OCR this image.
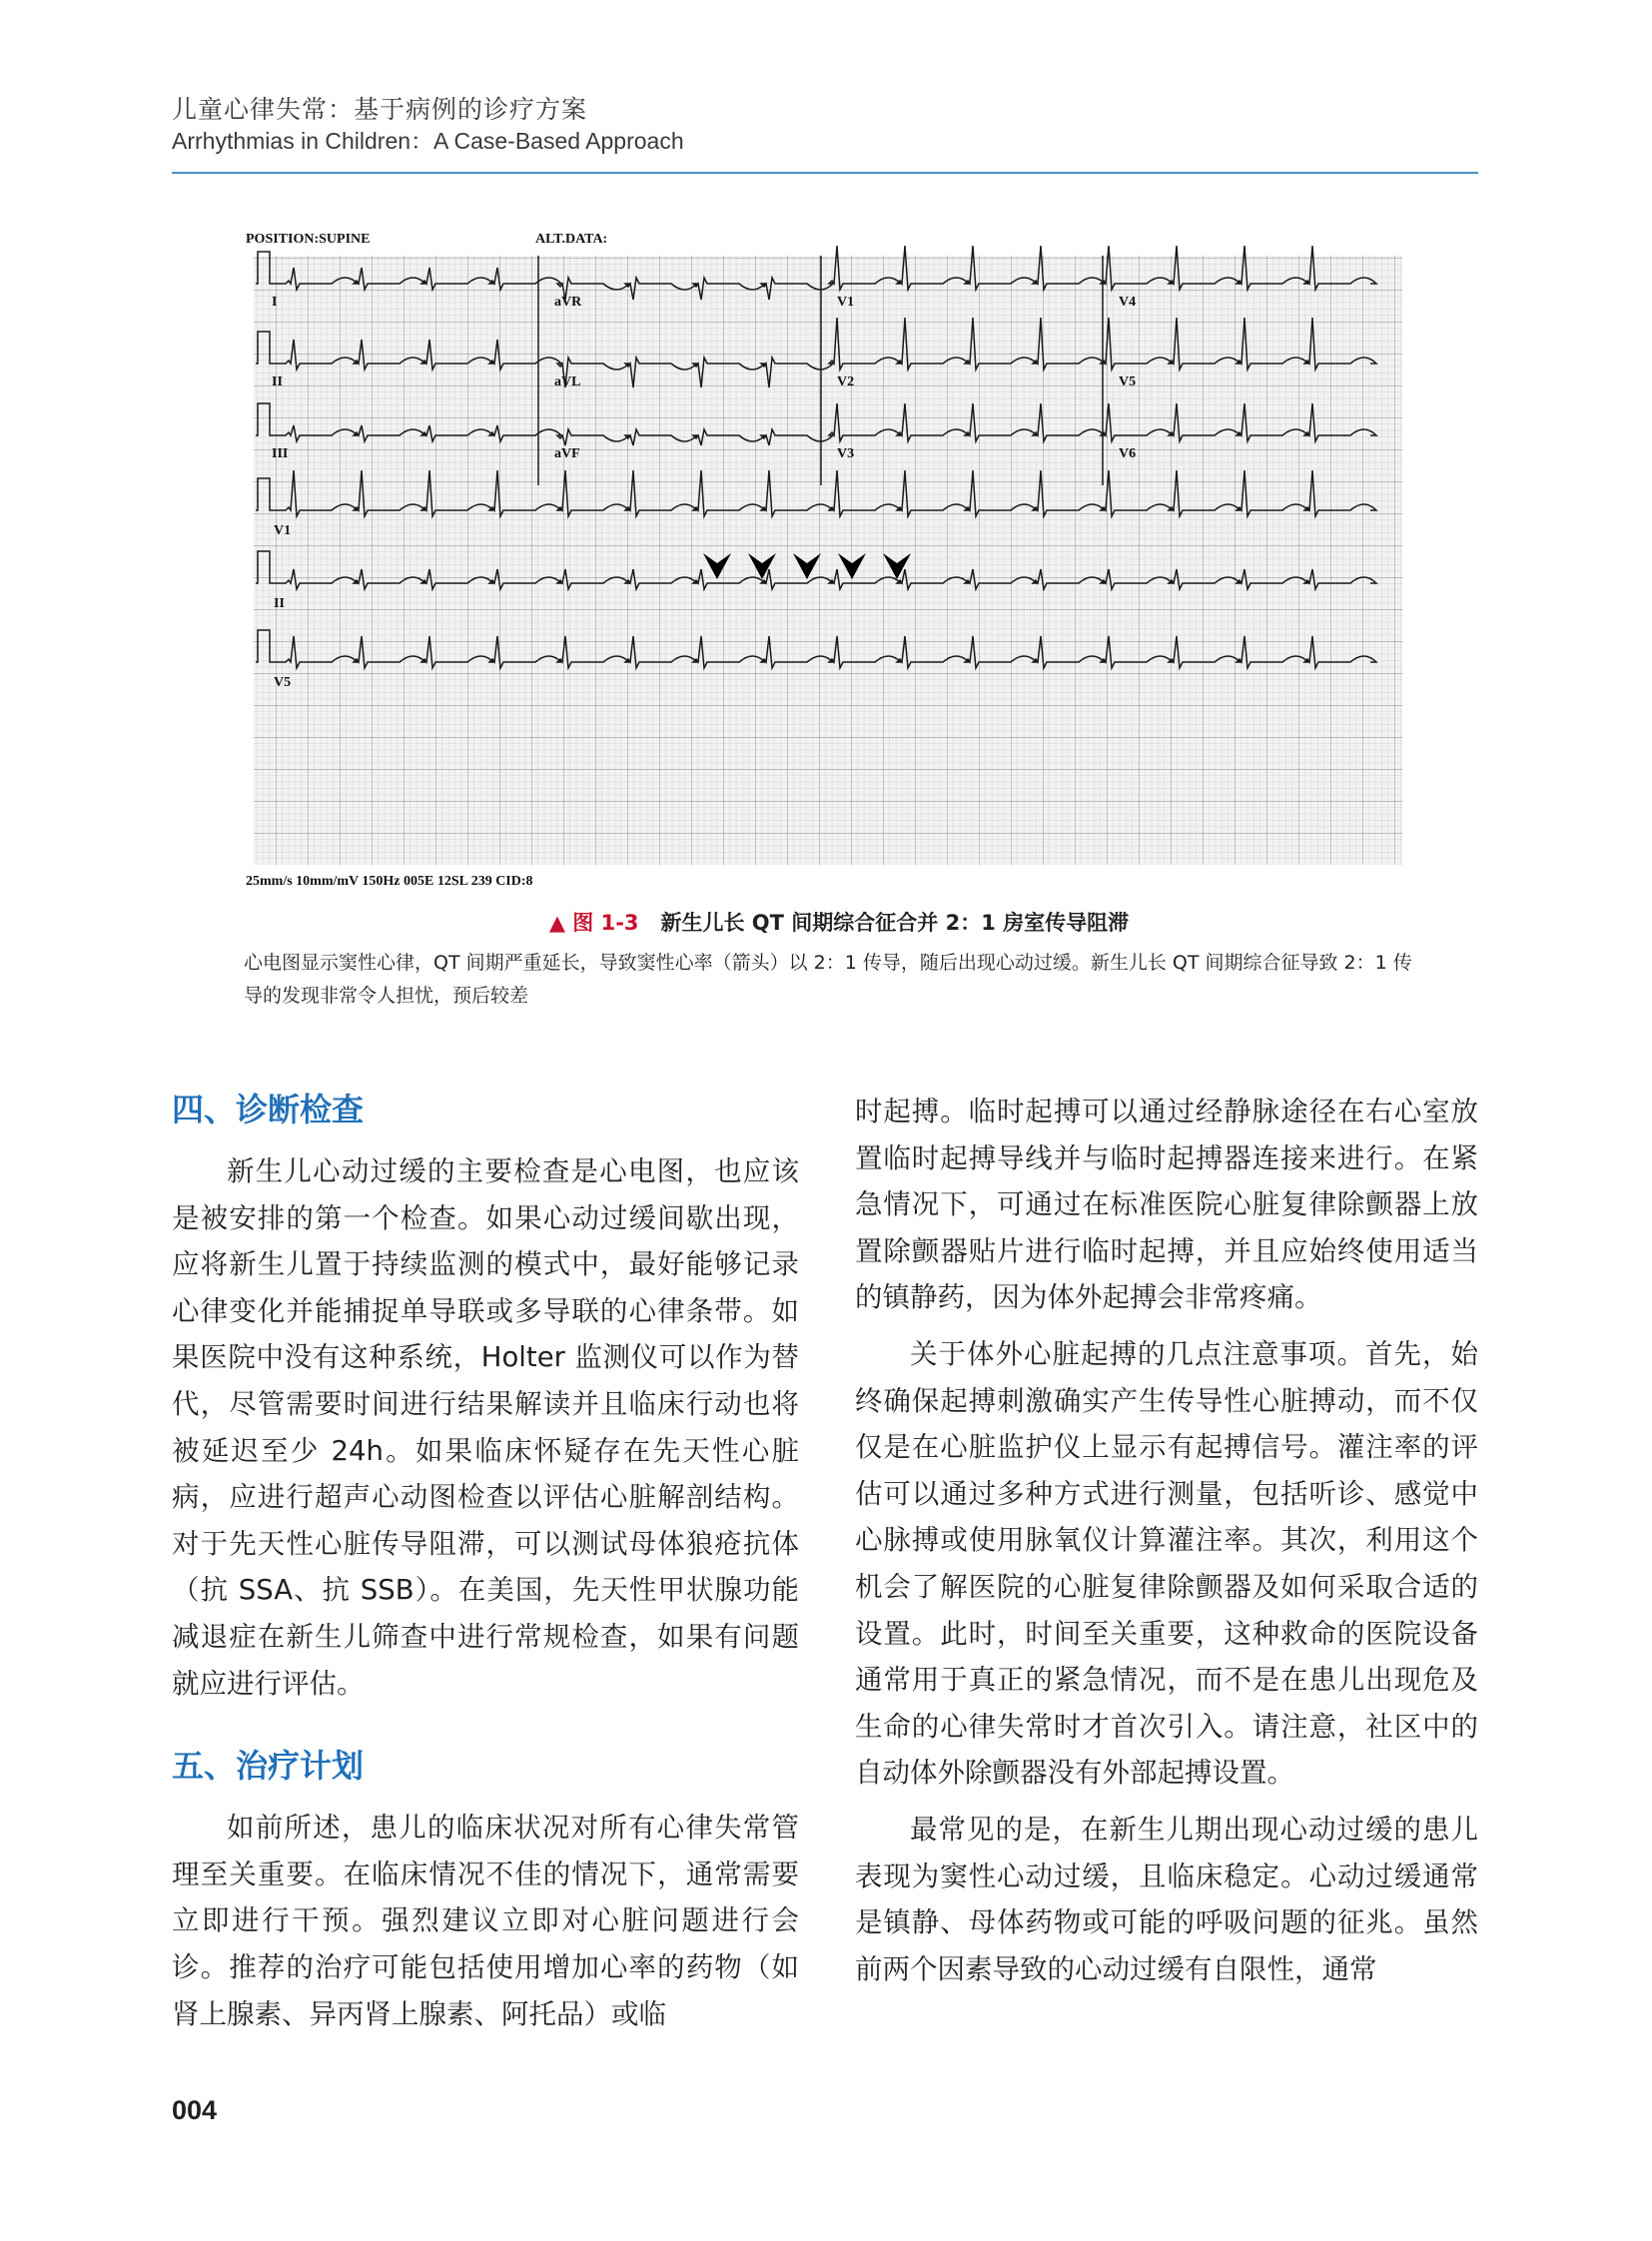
儿童心律失常：基于病例的诊疗方案
Arrhythmias in Children：A Case-Based Approach
POSITION:SUPINE	ALT.DATA:
I	aVR	V1	V4
II	aVL	V2	V5
III	aVF	V3	V6
V1
II
V5
25mm/s 10mm/mV 150Hz 005E 12SL 239 CID:8
▲ 图 1-3 新生儿长 QT 间期综合征合并 2：1 房室传导阻滞
心电图显示窦性心律，QT 间期严重延长，导致窦性心率（箭头）以 2：1 传导，随后出现心动过缓。新生儿长 QT 间期综合征导致 2：1 传导的发现非常令人担忧，预后较差
四、诊断检查

新生儿心动过缓的主要检查是心电图，也应该是被安排的第一个检查。如果心动过缓间歇出现，应将新生儿置于持续监测的模式中，最好能够记录心律变化并能捕捉单导联或多导联的心律条带。如果医院中没有这种系统，Holter 监测仪可以作为替代，尽管需要时间进行结果解读并且临床行动也将被延迟至少 24h。如果临床怀疑存在先天性心脏病，应进行超声心动图检查以评估心脏解剖结构。对于先天性心脏传导阻滞，可以测试母体狼疮抗体（抗 SSA、抗 SSB）。在美国，先天性甲状腺功能减退症在新生儿筛查中进行常规检查，如果有问题就应进行评估。

五、治疗计划

如前所述，患儿的临床状况对所有心律失常管理至关重要。在临床情况不佳的情况下，通常需要立即进行干预。强烈建议立即对心脏问题进行会诊。推荐的治疗可能包括使用增加心率的药物（如肾上腺素、异丙肾上腺素、阿托品）或临

时起搏。临时起搏可以通过经静脉途径在右心室放置临时起搏导线并与临时起搏器连接来进行。在紧急情况下，可通过在标准医院心脏复律除颤器上放置除颤器贴片进行临时起搏，并且应始终使用适当的镇静药，因为体外起搏会非常疼痛。

关于体外心脏起搏的几点注意事项。首先，始终确保起搏刺激确实产生传导性心脏搏动，而不仅仅是在心脏监护仪上显示有起搏信号。灌注率的评估可以通过多种方式进行测量，包括听诊、感觉中心脉搏或使用脉氧仪计算灌注率。其次，利用这个机会了解医院的心脏复律除颤器及如何采取合适的设置。此时，时间至关重要，这种救命的医院设备通常用于真正的紧急情况，而不是在患儿出现危及生命的心律失常时才首次引入。请注意，社区中的自动体外除颤器没有外部起搏设置。

最常见的是，在新生儿期出现心动过缓的患儿表现为窦性心动过缓，且临床稳定。心动过缓通常是镇静、母体药物或可能的呼吸问题的征兆。虽然前两个因素导致的心动过缓有自限性，通常

004
